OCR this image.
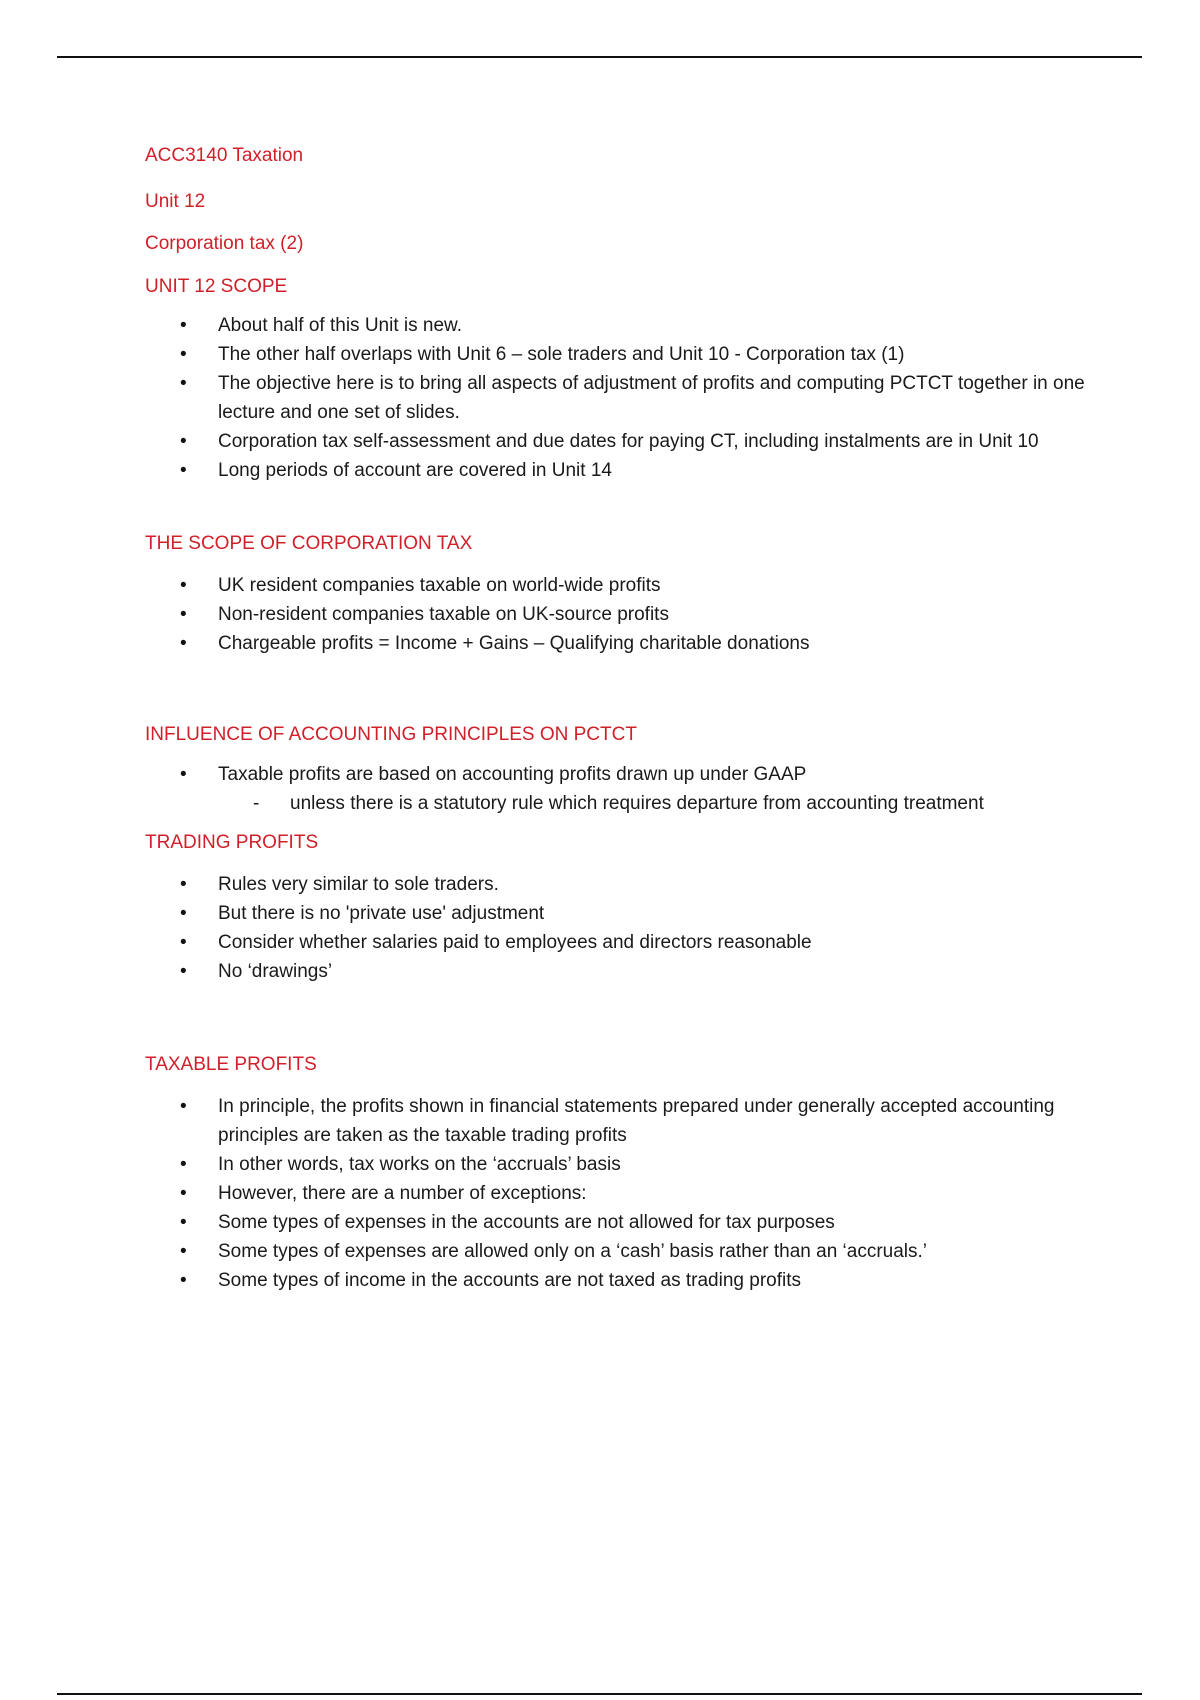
ACC3140 Taxation

Unit 12

Corporation tax (2)

UNIT 12 SCOPE

• About half of this Unit is new.
• The other half overlaps with Unit 6 – sole traders and Unit 10 - Corporation tax (1)
• The objective here is to bring all aspects of adjustment of profits and computing PCTCT together in one lecture and one set of slides.
• Corporation tax self-assessment and due dates for paying CT, including instalments are in Unit 10
• Long periods of account are covered in Unit 14

THE SCOPE OF CORPORATION TAX

• UK resident companies taxable on world-wide profits
• Non-resident companies taxable on UK-source profits
• Chargeable profits = Income + Gains – Qualifying charitable donations

INFLUENCE OF ACCOUNTING PRINCIPLES ON PCTCT

• Taxable profits are based on accounting profits drawn up under GAAP
- unless there is a statutory rule which requires departure from accounting treatment

TRADING PROFITS

• Rules very similar to sole traders.
• But there is no 'private use' adjustment
• Consider whether salaries paid to employees and directors reasonable
• No ‘drawings’

TAXABLE PROFITS

• In principle, the profits shown in financial statements prepared under generally accepted accounting principles are taken as the taxable trading profits
• In other words, tax works on the ‘accruals’ basis
• However, there are a number of exceptions:
• Some types of expenses in the accounts are not allowed for tax purposes
• Some types of expenses are allowed only on a ‘cash’ basis rather than an ‘accruals.’
• Some types of income in the accounts are not taxed as trading profits
